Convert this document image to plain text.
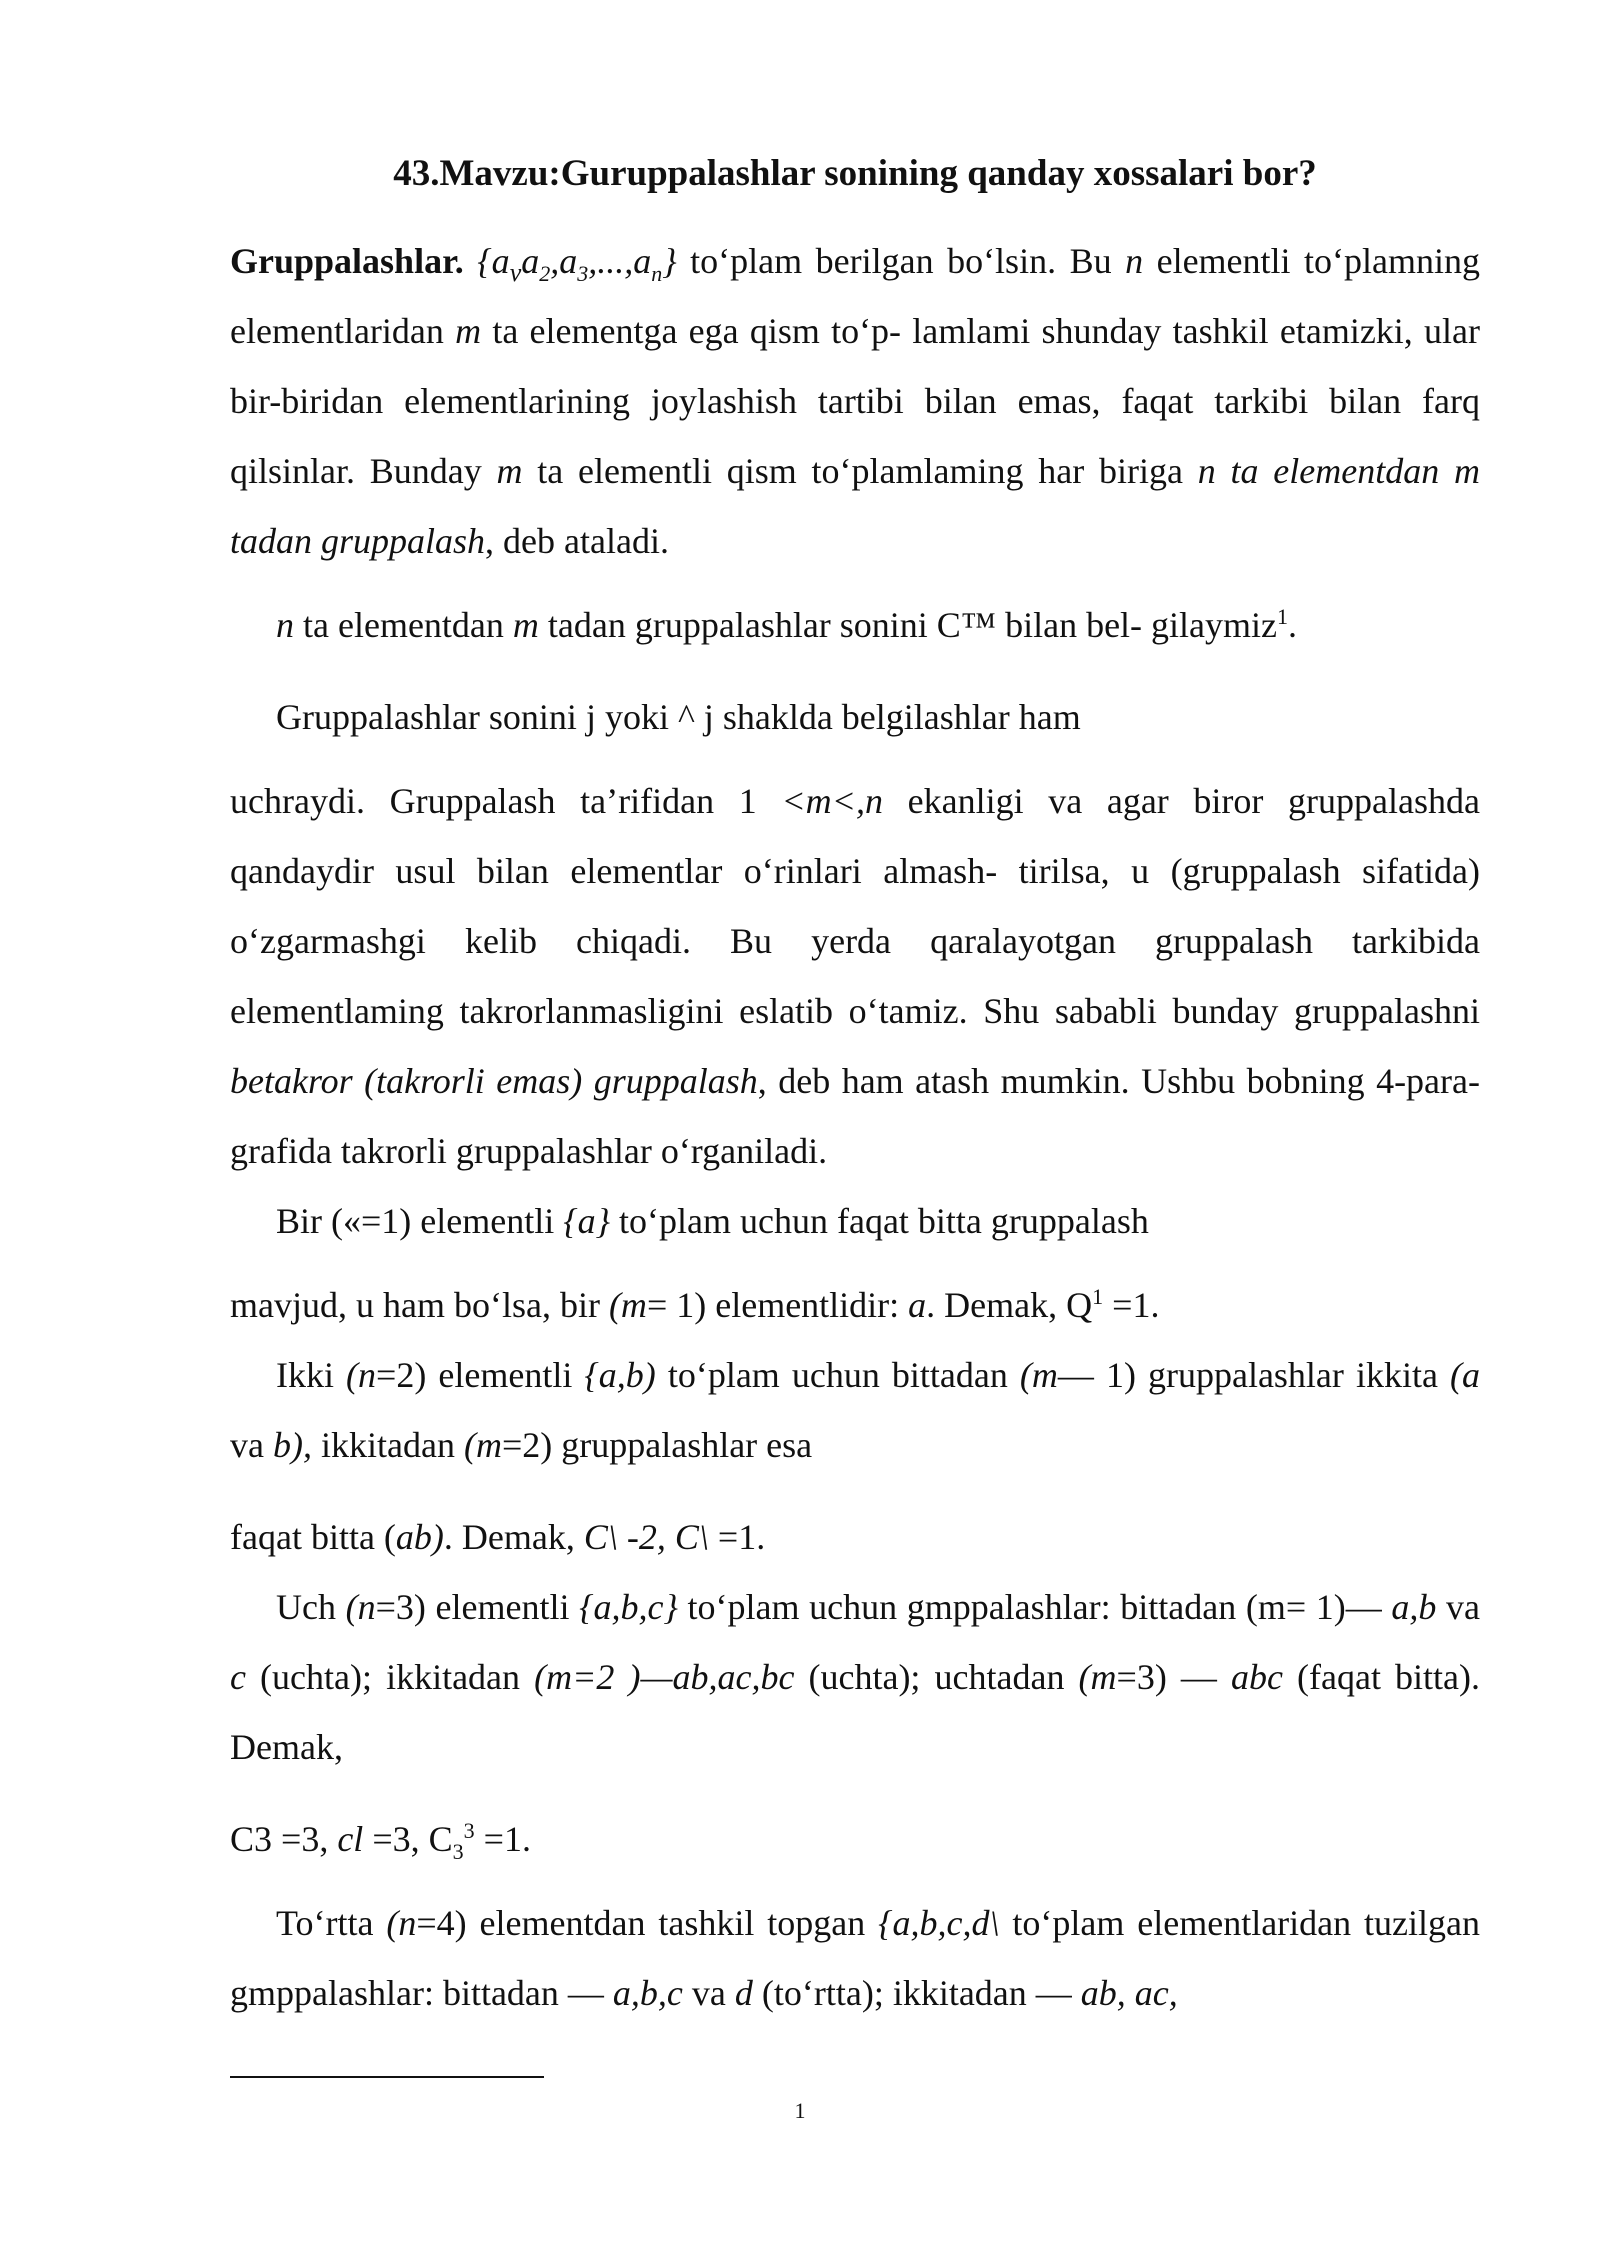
43.Mavzu:Guruppalashlar sonining qanday xossalari bor?

Gruppalashlar. $\{a_va_2,a_3,...,a_n\}$ to‘plam berilgan bo‘lsin. Bu n elementli to‘plamning elementlaridan m ta elementga ega qism to‘p- lamlami shunday tashkil etamizki, ular bir-biridan elementlarining joylashish tartibi bilan emas, faqat tarkibi bilan farq qilsinlar. Bunday m ta elementli qism to‘plamlaming har biriga n ta elementdan m tadan gruppalash, deb ataladi.

n ta elementdan m tadan gruppalashlar sonini C™ bilan bel- gilaymiz$^1$.

Gruppalashlar sonini j yoki ^ j shaklda belgilashlar ham

uchraydi. Gruppalash ta’rifidan 1 <m<,n ekanligi va agar biror gruppalashda qandaydir usul bilan elementlar o‘rinlari almash- tirilsa, u (gruppalash sifatida) o‘zgarmashgi kelib chiqadi. Bu yerda qaralayotgan gruppalash tarkibida elementlaming takrorlanmasligini eslatib o‘tamiz. Shu sababli bunday gruppalashni betakror (takrorli emas) gruppalash, deb ham atash mumkin. Ushbu bobning 4-para- grafida takrorli gruppalashlar o‘rganiladi.

Bir («=1) elementli {a} to‘plam uchun faqat bitta gruppalash

mavjud, u ham bo‘lsa, bir (m= 1) elementlidir: a. Demak, $Q^1 =1$.

Ikki (n=2) elementli {a,b) to‘plam uchun bittadan (m— 1) gruppalashlar ikkita (a va b), ikkitadan (m=2) gruppalashlar esa

faqat bitta (ab). Demak, C\ -2, C\ =1.

Uch (n=3) elementli {a,b,c} to‘plam uchun gmppalashlar: bittadan (m= 1)— a,b va c (uchta); ikkitadan (m=2 )—ab,ac,bc (uchta); uchtadan (m=3) — abc (faqat bitta). Demak,

C3 =3, cl =3, $C_3^3 =1$.

To‘rtta (n=4) elementdan tashkil topgan {a,b,c,d\ to‘plam elementlaridan tuzilgan gmppalashlar: bittadan — a,b,c va d (to‘rtta); ikkitadan — ab, ac,

1
